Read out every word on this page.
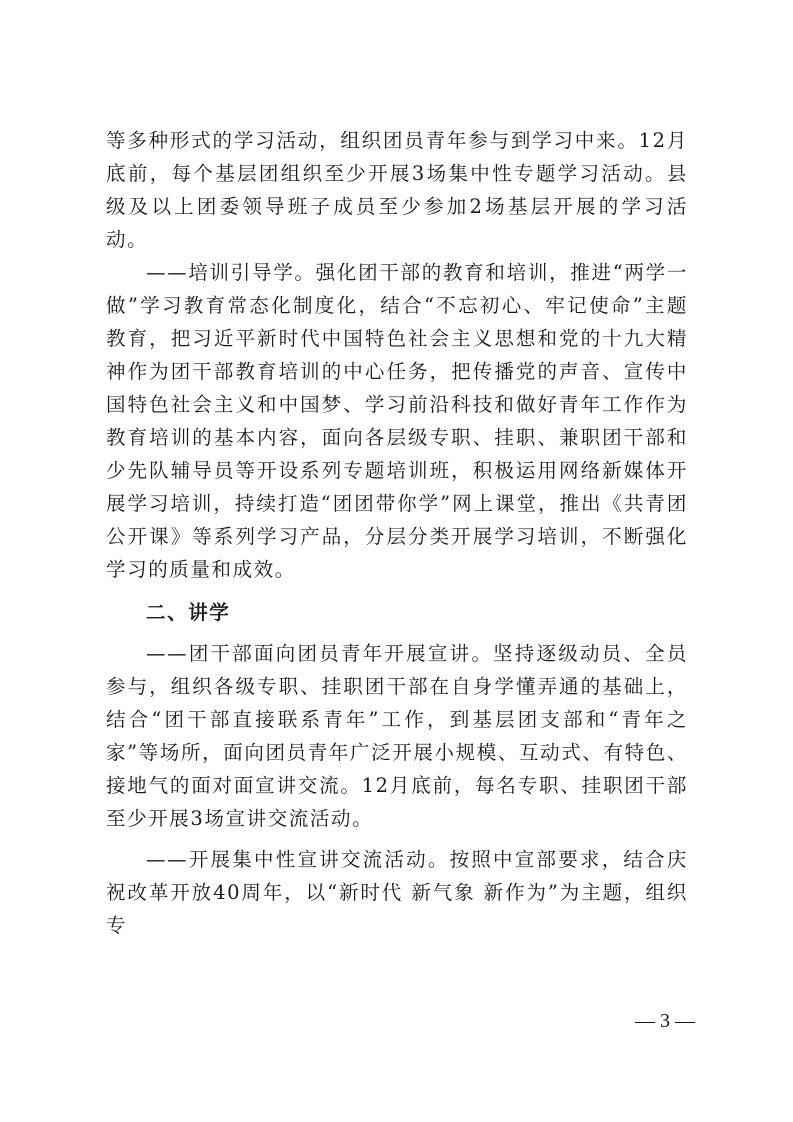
等多种形式的学习活动，组织团员青年参与到学习中来。12月底前，每个基层团组织至少开展3场集中性专题学习活动。县级及以上团委领导班子成员至少参加2场基层开展的学习活动。

——培训引导学。强化团干部的教育和培训，推进“两学一做”学习教育常态化制度化，结合“不忘初心、牢记使命”主题教育，把习近平新时代中国特色社会主义思想和党的十九大精神作为团干部教育培训的中心任务，把传播党的声音、宣传中国特色社会主义和中国梦、学习前沿科技和做好青年工作作为教育培训的基本内容，面向各层级专职、挂职、兼职团干部和少先队辅导员等开设系列专题培训班，积极运用网络新媒体开展学习培训，持续打造“团团带你学”网上课堂，推出《共青团公开课》等系列学习产品，分层分类开展学习培训，不断强化学习的质量和成效。

二、讲学

——团干部面向团员青年开展宣讲。坚持逐级动员、全员参与，组织各级专职、挂职团干部在自身学懂弄通的基础上，结合“团干部直接联系青年”工作，到基层团支部和“青年之家”等场所，面向团员青年广泛开展小规模、互动式、有特色、接地气的面对面宣讲交流。12月底前，每名专职、挂职团干部至少开展3场宣讲交流活动。

——开展集中性宣讲交流活动。按照中宣部要求，结合庆祝改革开放40周年，以“新时代 新气象 新作为”为主题，组织专

— 3 —
